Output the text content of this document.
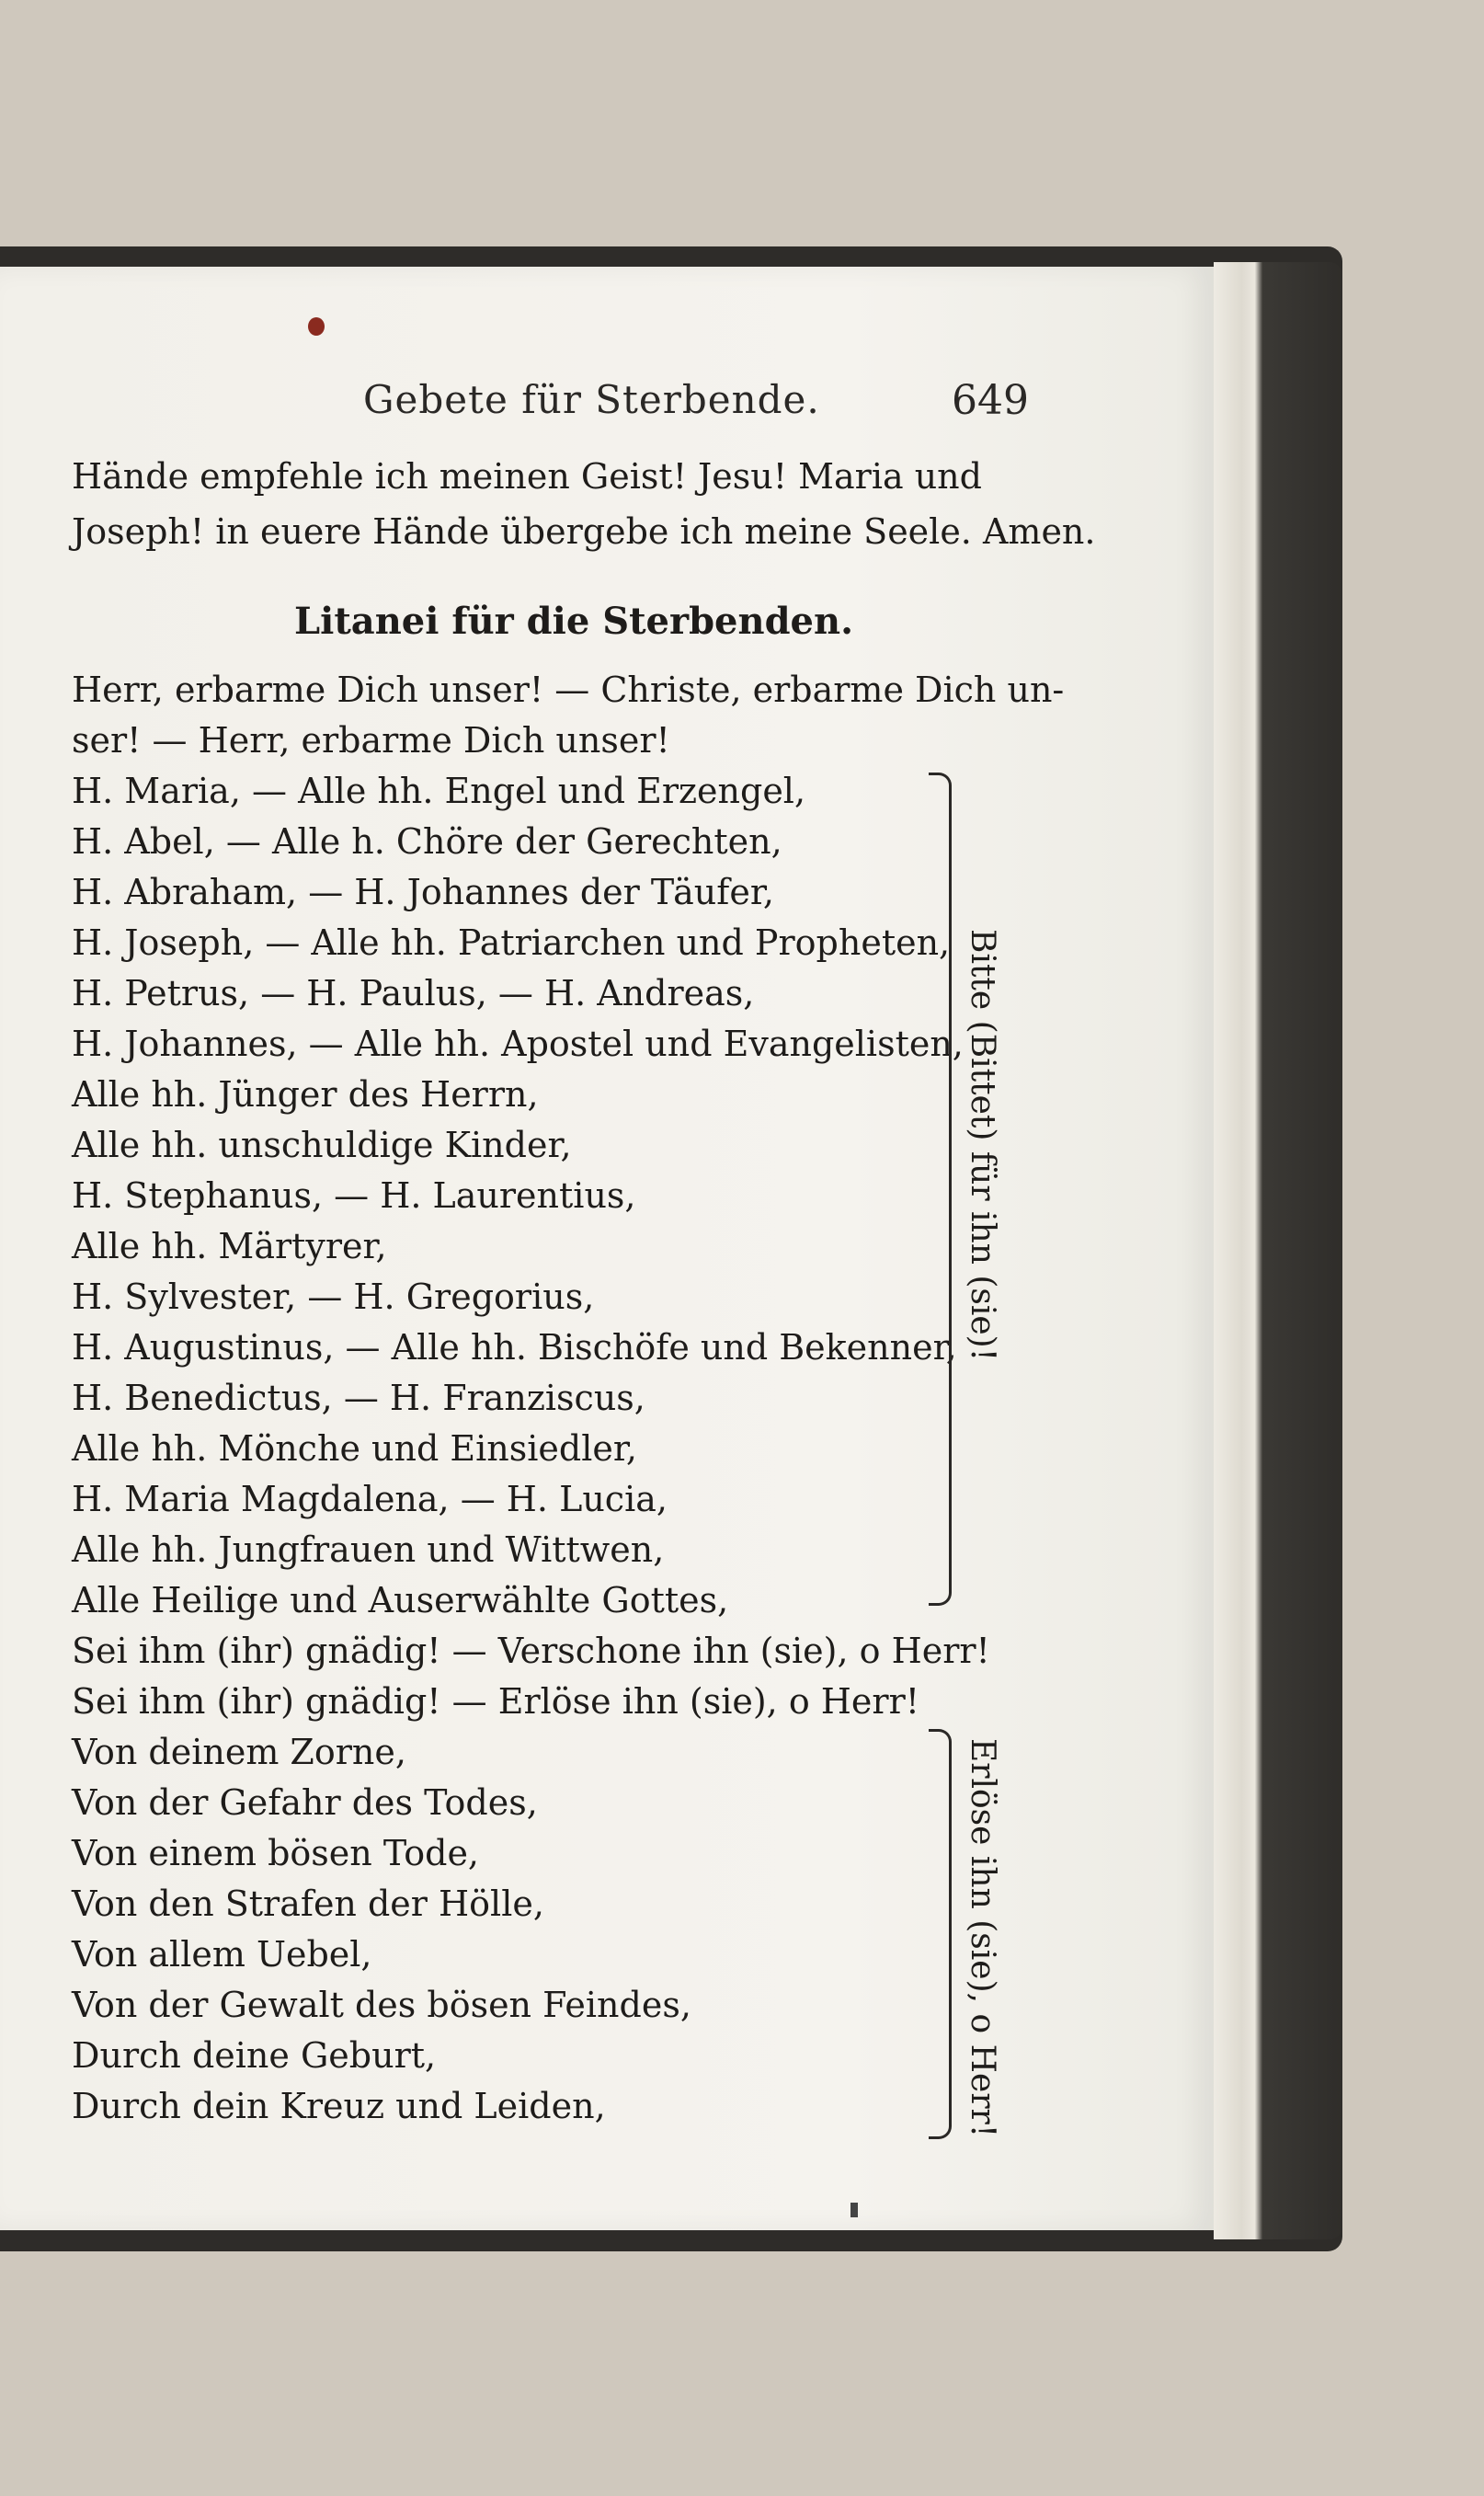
Gebete für Sterbende.	649
Hände empfehle ich meinen Geist! Jesu! Maria und
Joseph! in euere Hände übergebe ich meine Seele. Amen.
Litanei für die Sterbenden.
Herr, erbarme Dich unser! — Christe, erbarme Dich un-
ser! — Herr, erbarme Dich unser!
H. Maria, — Alle hh. Engel und Erzengel,
H. Abel, — Alle h. Chöre der Gerechten,
H. Abraham, — H. Johannes der Täufer,
H. Joseph, — Alle hh. Patriarchen und Propheten,
H. Petrus, — H. Paulus, — H. Andreas,
H. Johannes, — Alle hh. Apostel und Evangelisten,
Alle hh. Jünger des Herrn,
Alle hh. unschuldige Kinder,
H. Stephanus, — H. Laurentius,
Alle hh. Märtyrer,
H. Sylvester, — H. Gregorius,
H. Augustinus, — Alle hh. Bischöfe und Bekenner,
H. Benedictus, — H. Franziscus,
Alle hh. Mönche und Einsiedler,
H. Maria Magdalena, — H. Lucia,
Alle hh. Jungfrauen und Wittwen,
Alle Heilige und Auserwählte Gottes,
Bitte (Bittet) für ihn (sie)!
Sei ihm (ihr) gnädig! — Verschone ihn (sie), o Herr!
Sei ihm (ihr) gnädig! — Erlöse ihn (sie), o Herr!
Von deinem Zorne,
Von der Gefahr des Todes,
Von einem bösen Tode,
Von den Strafen der Hölle,
Von allem Uebel,
Von der Gewalt des bösen Feindes,
Durch deine Geburt,
Durch dein Kreuz und Leiden,	Erlöse ihn (sie), o Herr!
